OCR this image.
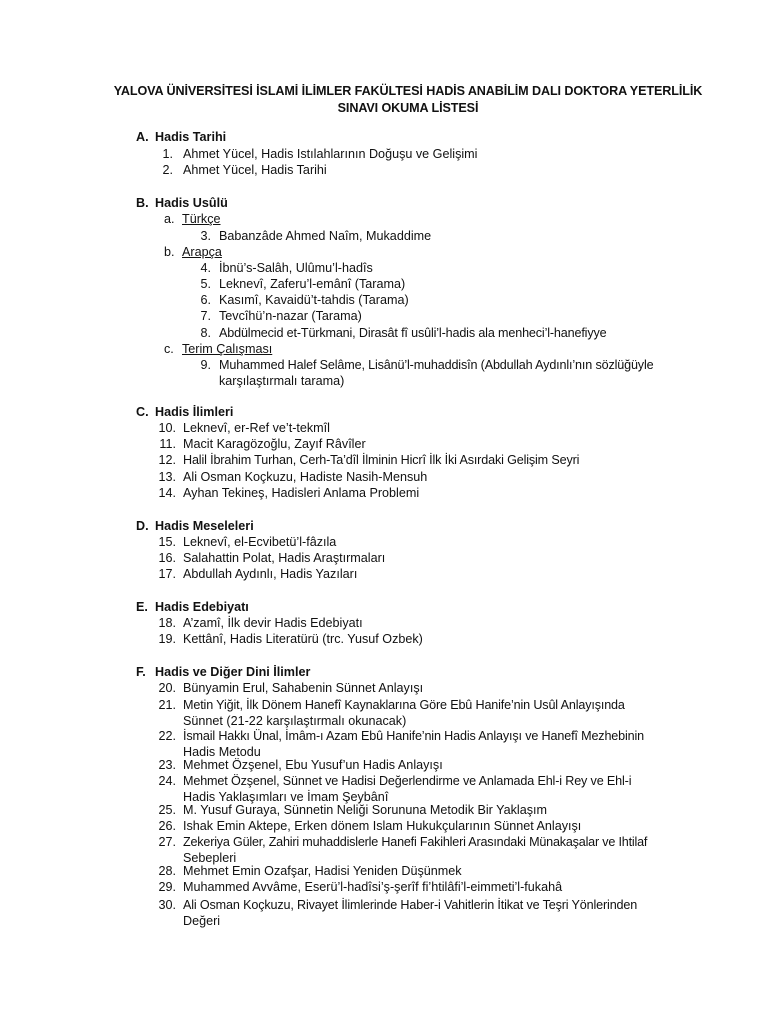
YALOVA ÜNİVERSİTESİ İSLAMİ İLİMLER FAKÜLTESİ HADİS ANABİLİM DALI DOKTORA YETERLİLİK
SINAVI OKUMA LİSTESİ
A. Hadis Tarihi
1. Ahmet Yücel, Hadis Istılahlarının Doğuşu ve Gelişimi
2. Ahmet Yücel, Hadis Tarihi
B. Hadis Usûlü
a. Türkçe
3. Babanzâde Ahmed Naîm, Mukaddime
b. Arapça
4. İbnü’s-Salâh, Ulûmu’l-hadîs
5. Leknevî, Zaferu’l-emânî (Tarama)
6. Kasımî, Kavaidü’t-tahdis (Tarama)
7. Tevcîhü’n-nazar (Tarama)
8. Abdülmecid et-Türkmani, Dirasât fî usûli’l-hadis ala menheci’l-hanefiyye
c. Terim Çalışması
9. Muhammed Halef Selâme, Lisânü’l-muhaddisîn (Abdullah Aydınlı’nın sözlüğüyle
karşılaştırmalı tarama)
C. Hadis İlimleri
10. Leknevî, er-Ref ve’t-tekmîl
11. Macit Karagözoğlu, Zayıf Râvîler
12. Halil İbrahim Turhan, Cerh-Ta’dîl İlminin Hicrî İlk İki Asırdaki Gelişim Seyri
13. Ali Osman Koçkuzu, Hadiste Nasih-Mensuh
14. Ayhan Tekineş, Hadisleri Anlama Problemi
D. Hadis Meseleleri
15. Leknevî, el-Ecvibetü’l-fâzıla
16. Salahattin Polat, Hadis Araştırmaları
17. Abdullah Aydınlı, Hadis Yazıları
E. Hadis Edebiyatı
18. A’zamî, İlk devir Hadis Edebiyatı
19. Kettânî, Hadis Literatürü (trc. Yusuf Ozbek)
F. Hadis ve Diğer Dini İlimler
20. Bünyamin Erul, Sahabenin Sünnet Anlayışı
21. Metin Yiğit, İlk Dönem Hanefî Kaynaklarına Göre Ebû Hanife’nin Usûl Anlayışında
Sünnet (21-22 karşılaştırmalı okunacak)
22. İsmail Hakkı Ünal, İmâm-ı Azam Ebû Hanife’nin Hadis Anlayışı ve Hanefî Mezhebinin
Hadis Metodu
23. Mehmet Özşenel, Ebu Yusuf’un Hadis Anlayışı
24. Mehmet Özşenel, Sünnet ve Hadisi Değerlendirme ve Anlamada Ehl-i Rey ve Ehl-i
Hadis Yaklaşımları ve İmam Şeybânî
25. M. Yusuf Guraya, Sünnetin Neliği Sorununa Metodik Bir Yaklaşım
26. Ishak Emin Aktepe, Erken dönem Islam Hukukçularının Sünnet Anlayışı
27. Zekeriya Güler, Zahiri muhaddislerle Hanefi Fakihleri Arasındaki Münakaşalar ve Ihtilaf
Sebepleri
28. Mehmet Emin Ozafşar, Hadisi Yeniden Düşünmek
29. Muhammed Avvâme, Eserü’l-hadîsi’ş-şerîf fi’htilâfi’l-eimmeti’l-fukahâ
30. Ali Osman Koçkuzu, Rivayet İlimlerinde Haber-i Vahitlerin İtikat ve Teşri Yönlerinden
Değeri
